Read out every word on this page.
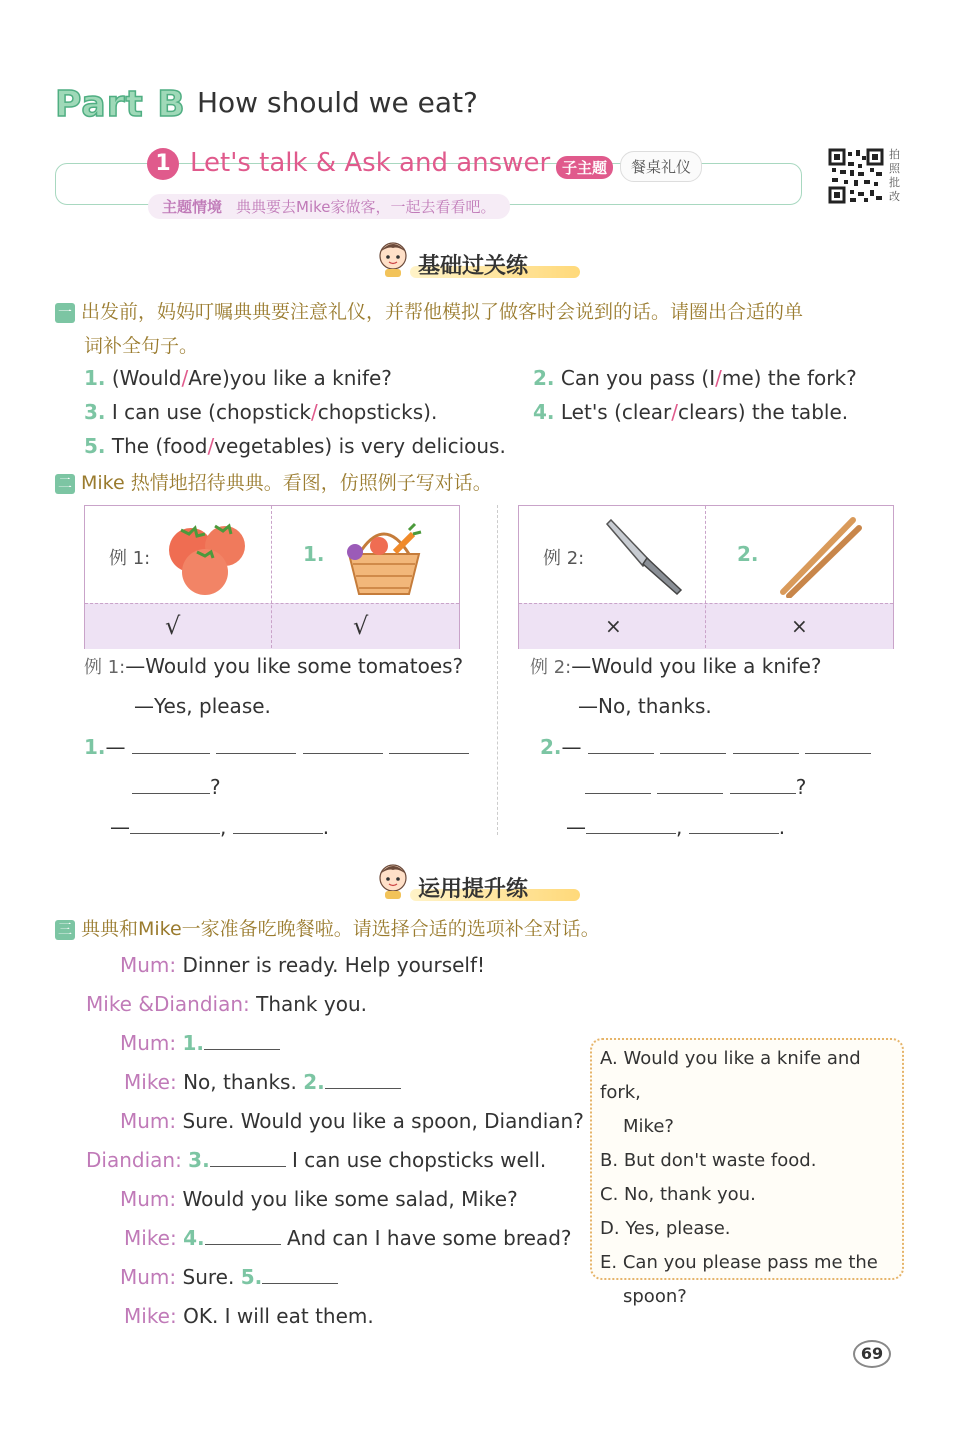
Part B How should we eat?
1 Let's talk & Ask and answer 子主题	餐桌礼仪
主题情境 典典要去Mike家做客，一起去看看吧。
拍照批改
基础过关练
一 出发前，妈妈叮嘱典典要注意礼仪，并帮他模拟了做客时会说到的话。请圈出合适的单
词补全句子。
1. (Would/Are)you like a knife?	2. Can you pass (I/me) the fork?
3. I can use (chopstick/chopsticks).	4. Let's (clear/clears) the table.
5. The (food/vegetables) is very delicious.
二 Mike 热情地招待典典。看图，仿照例子写对话。
例 1:	1.
√	√
例 2:	2.
×	×
例 1:—Would you like some tomatoes?
—Yes, please.
例 2:—Would you like a knife?
—No, thanks.
1.—
?
—	,	.
2.—
?
—	,	.
运用提升练
三 典典和Mike一家准备吃晚餐啦。请选择合适的选项补全对话。
Mum: Dinner is ready. Help yourself!
Mike &Diandian: Thank you.
Mum: 1.
Mike: No, thanks. 2.
Mum: Sure. Would you like a spoon, Diandian?
Diandian: 3.	I can use chopsticks well.
Mum: Would you like some salad, Mike?
Mike: 4.	And can I have some bread?
Mum: Sure. 5.
Mike: OK. I will eat them.
A. Would you like a knife and fork,
Mike?
B. But don't waste food.
C. No, thank you.
D. Yes, please.
E. Can you please pass me the
spoon?
69
